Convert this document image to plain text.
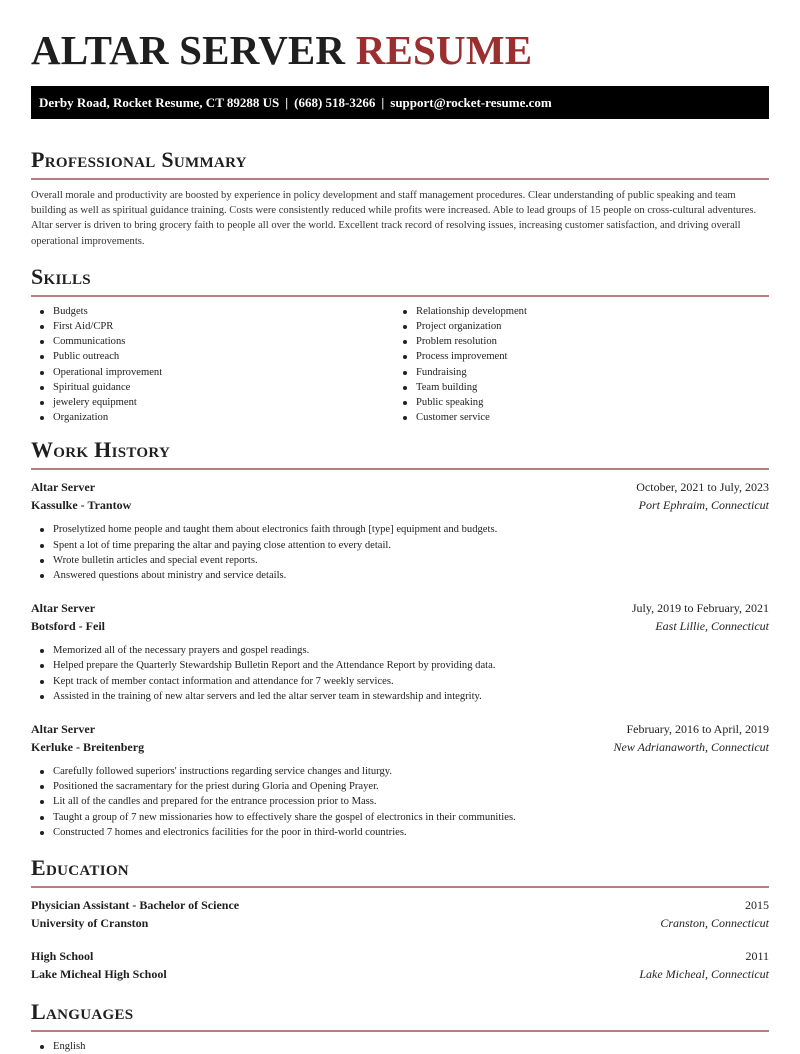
ALTAR SERVER RESUME
Derby Road, Rocket Resume, CT 89288 US | (668) 518-3266 | support@rocket-resume.com
Professional Summary

Overall morale and productivity are boosted by experience in policy development and staff management procedures. Clear understanding of public speaking and team building as well as spiritual guidance training. Costs were consistently reduced while profits were increased. Able to lead groups of 15 people on cross-cultural adventures. Altar server is driven to bring grocery faith to people all over the world. Excellent track record of resolving issues, increasing customer satisfaction, and driving overall operational improvements.

Skills
Budgets
First Aid/CPR
Communications
Public outreach
Operational improvement
Spiritual guidance
jewelery equipment
Organization
Relationship development
Project organization
Problem resolution
Process improvement
Fundraising
Team building
Public speaking
Customer service
Work History
Altar Server	October, 2021 to July, 2023
Kassulke - Trantow	Port Ephraim, Connecticut
Proselytized home people and taught them about electronics faith through [type] equipment and budgets.
Spent a lot of time preparing the altar and paying close attention to every detail.
Wrote bulletin articles and special event reports.
Answered questions about ministry and service details.
Altar Server	July, 2019 to February, 2021
Botsford - Feil	East Lillie, Connecticut
Memorized all of the necessary prayers and gospel readings.
Helped prepare the Quarterly Stewardship Bulletin Report and the Attendance Report by providing data.
Kept track of member contact information and attendance for 7 weekly services.
Assisted in the training of new altar servers and led the altar server team in stewardship and integrity.
Altar Server	February, 2016 to April, 2019
Kerluke - Breitenberg	New Adrianaworth, Connecticut
Carefully followed superiors' instructions regarding service changes and liturgy.
Positioned the sacramentary for the priest during Gloria and Opening Prayer.
Lit all of the candles and prepared for the entrance procession prior to Mass.
Taught a group of 7 new missionaries how to effectively share the gospel of electronics in their communities.
Constructed 7 homes and electronics facilities for the poor in third-world countries.
Education
Physician Assistant - Bachelor of Science	2015
University of Cranston	Cranston, Connecticut
High School	2011
Lake Micheal High School	Lake Micheal, Connecticut
Languages
English
